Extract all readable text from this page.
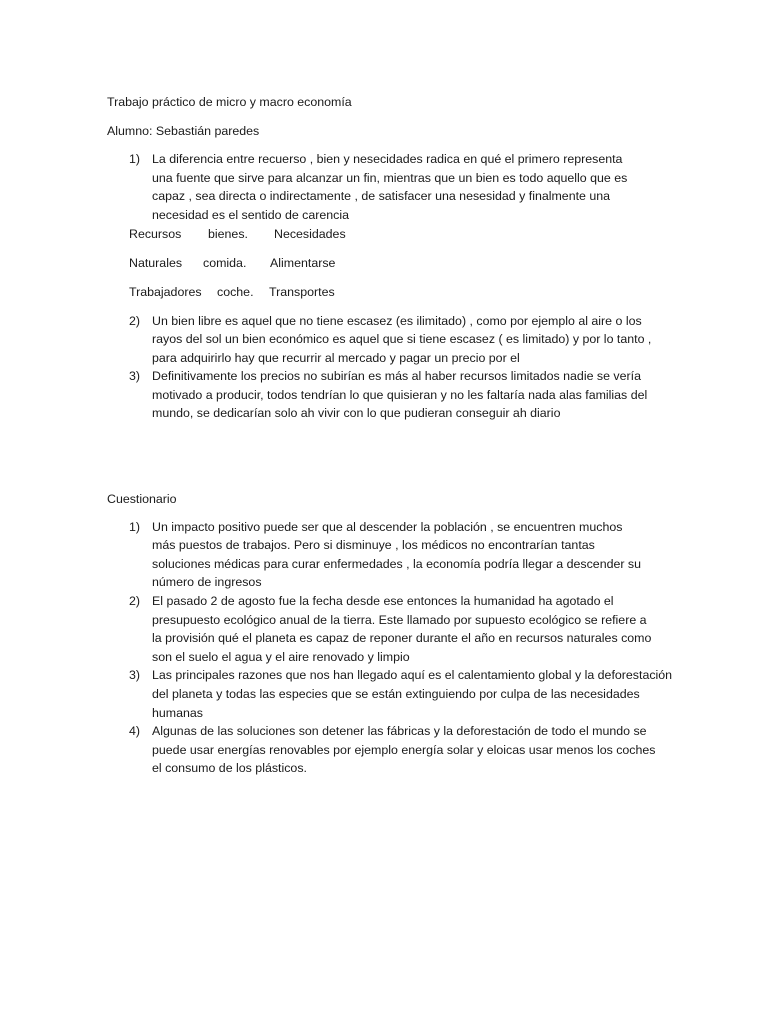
Trabajo práctico de micro y macro economía

Alumno: Sebastián paredes

1) La diferencia entre recuerso , bien y nesecidades radica en qué el primero representa una fuente que sirve para alcanzar un fin, mientras que un bien es todo aquello que es capaz , sea directa o indirectamente , de satisfacer una nesesidad y finalmente una necesidad es el sentido de carencia
Recursos	bienes.	Necesidades
Naturales	comida.	Alimentarse
Trabajadores	coche.	Transportes
2) Un bien libre es aquel que no tiene escasez (es ilimitado) , como por ejemplo al aire o los rayos del sol un bien económico es aquel que si tiene escasez ( es limitado) y por lo tanto , para adquirirlo hay que recurrir al mercado y pagar un precio por el
3) Definitivamente los precios no subirían es más al haber recursos limitados nadie se vería motivado a producir, todos tendrían lo que quisieran y no les faltaría nada alas familias del mundo, se dedicarían solo ah vivir con lo que pudieran conseguir ah diario

Cuestionario

1) Un impacto positivo puede ser que al descender la población , se encuentren muchos más puestos de trabajos. Pero si disminuye , los médicos no encontrarían tantas soluciones médicas para curar enfermedades , la economía podría llegar a descender su número de ingresos
2) El pasado 2 de agosto fue la fecha desde ese entonces la humanidad ha agotado el presupuesto ecológico anual de la tierra. Este llamado por supuesto ecológico se refiere a la provisión qué el planeta es capaz de reponer durante el año en recursos naturales como son el suelo el agua y el aire renovado y limpio
3) Las principales razones que nos han llegado aquí es el calentamiento global y la deforestación del planeta y todas las especies que se están extinguiendo por culpa de las necesidades humanas
4) Algunas de las soluciones son detener las fábricas y la deforestación de todo el mundo se puede usar energías renovables por ejemplo energía solar y eloicas usar menos los coches el consumo de los plásticos.
